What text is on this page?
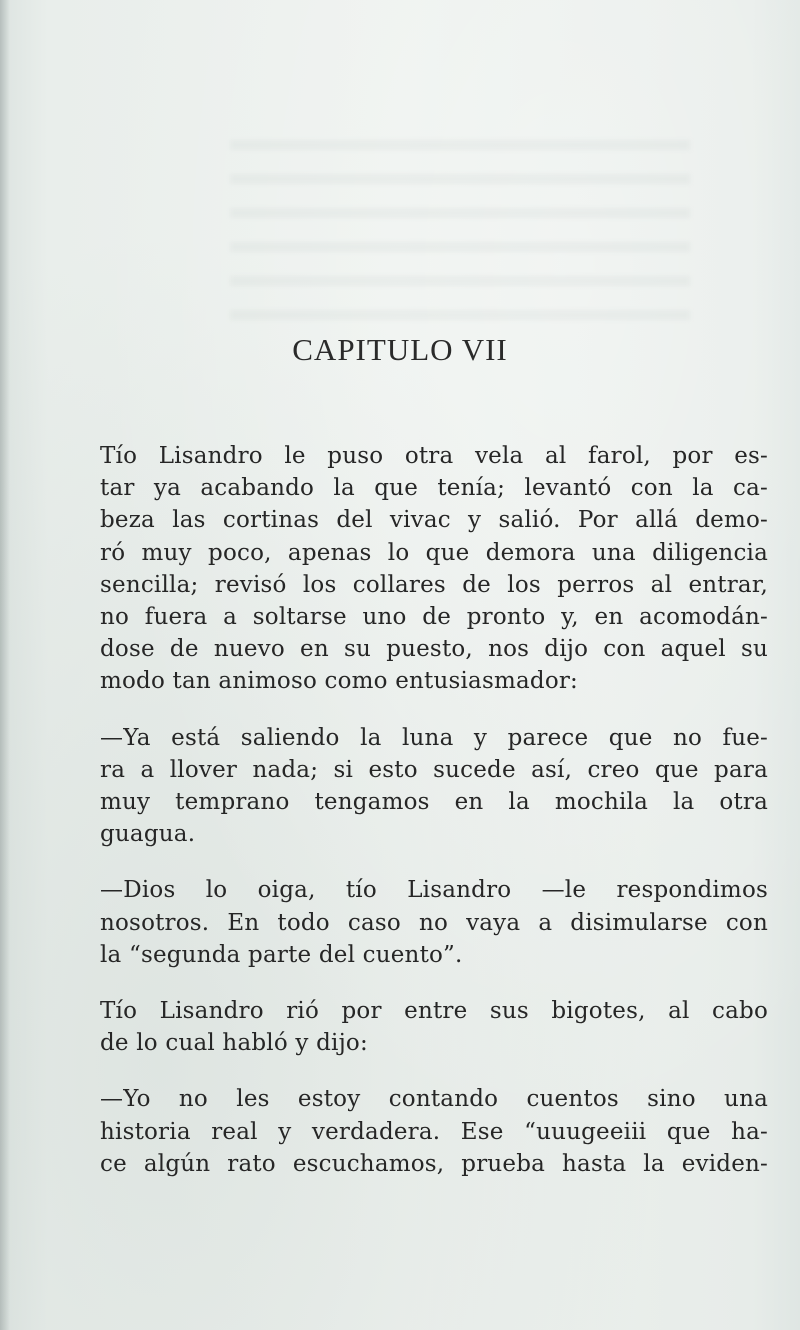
CAPITULO VII
Tío Lisandro le puso otra vela al farol, por es-
tar ya acabando la que tenía; levantó con la ca-
beza las cortinas del vivac y salió. Por allá demo-
ró muy poco, apenas lo que demora una diligencia
sencilla; revisó los collares de los perros al entrar,
no fuera a soltarse uno de pronto y, en acomodán-
dose de nuevo en su puesto, nos dijo con aquel su
modo tan animoso como entusiasmador:
—Ya está saliendo la luna y parece que no fue-
ra a llover nada; si esto sucede así, creo que para
muy temprano tengamos en la mochila la otra
guagua.
—Dios lo oiga, tío Lisandro —le respondimos
nosotros. En todo caso no vaya a disimularse con
la “segunda parte del cuento”.
Tío Lisandro rió por entre sus bigotes, al cabo
de lo cual habló y dijo:
—Yo no les estoy contando cuentos sino una
historia real y verdadera. Ese “uuugeeiii que ha-
ce algún rato escuchamos, prueba hasta la eviden-
